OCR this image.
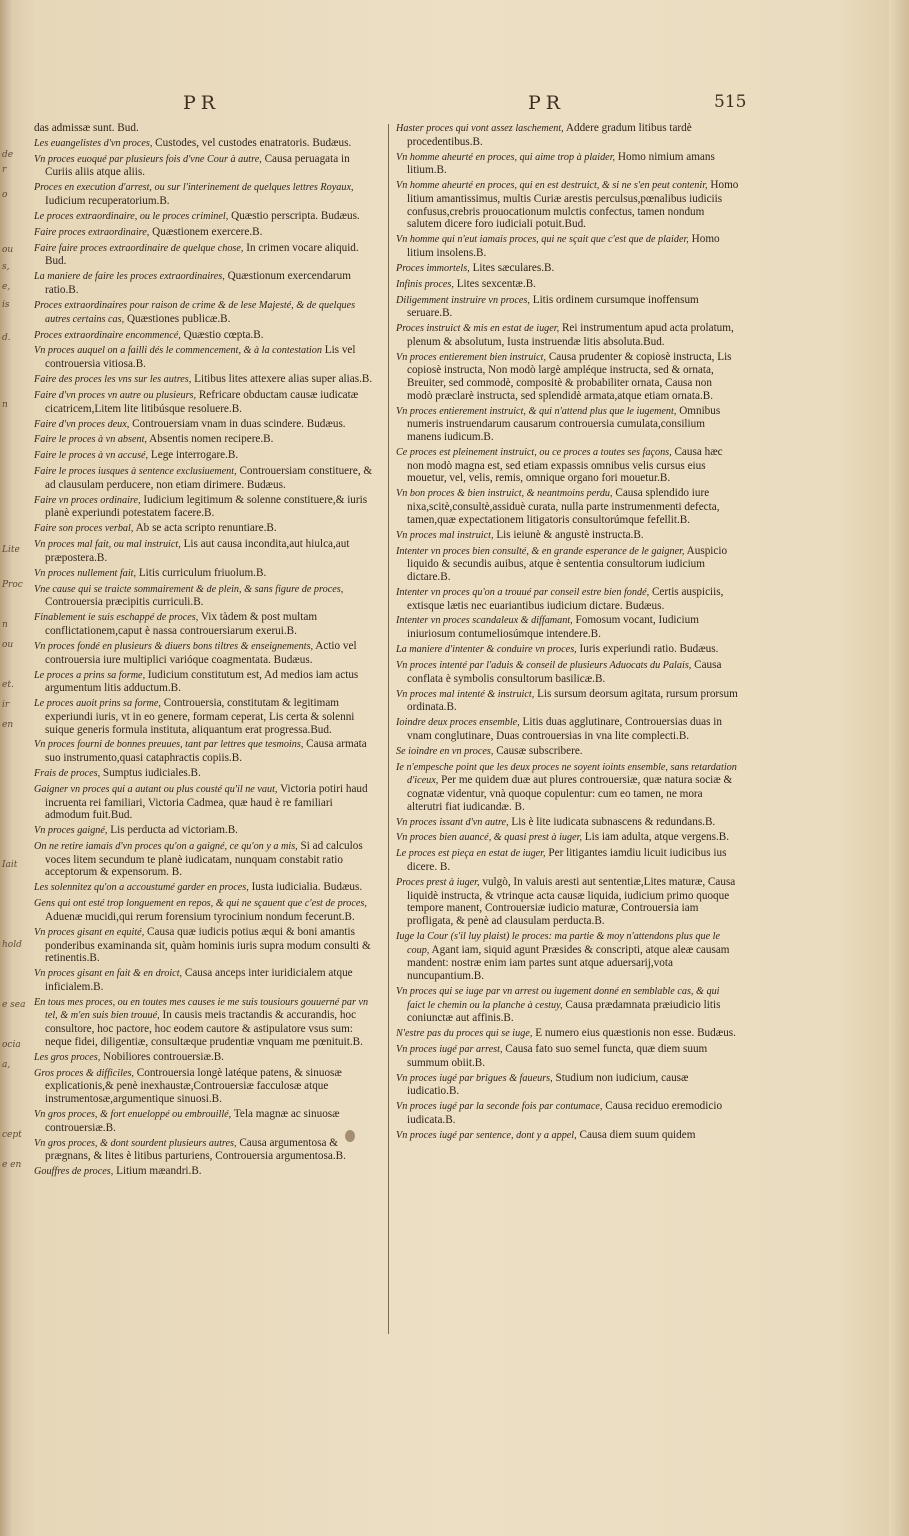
de
r
o
ou
s,
e,
is
d.
n
Lite
Proc
n
ou
et.
ir
en
Iait
hold
e sea
ocia
a,
cept
e en
PR	PR	515

das admissæ sunt. Bud.

Les euangelistes d'vn proces, Custodes, vel custodes enatratoris. Budæus.

Vn proces euoqué par plusieurs fois d'vne Cour à autre, Causa peruagata in Curiis aliis atque aliis.

Proces en execution d'arrest, ou sur l'interinement de quelques lettres Royaux, Iudicium recuperatorium.B.

Le proces extraordinaire, ou le proces criminel, Quæstio perscripta. Budæus.

Faire proces extraordinaire, Quæstionem exercere.B.

Faire faire proces extraordinaire de quelque chose, In crimen vocare aliquid. Bud.

La maniere de faire les proces extraordinaires, Quæstionum exercendarum ratio.B.

Proces extraordinaires pour raison de crime & de lese Majesté, & de quelques autres certains cas, Quæstiones publicæ.B.

Proces extraordinaire encommencé, Quæstio cœpta.B.

Vn proces auquel on a failli dés le commencement, & à la contestation Lis vel controuersia vitiosa.B.

Faire des proces les vns sur les autres, Litibus lites attexere alias super alias.B.

Faire d'vn proces vn autre ou plusieurs, Refricare obductam causæ iudicatæ cicatricem,Litem lite litibúsque resoluere.B.

Faire d'vn proces deux, Controuersiam vnam in duas scindere. Budæus.

Faire le proces à vn absent, Absentis nomen recipere.B.

Faire le proces à vn accusé, Lege interrogare.B.

Faire le proces iusques à sentence exclusiuement, Controuersiam constituere, & ad clausulam perducere, non etiam dirimere. Budæus.

Faire vn proces ordinaire, Iudicium legitimum & solenne constituere,& iuris planè experiundi potestatem facere.B.

Faire son proces verbal, Ab se acta scripto renuntiare.B.

Vn proces mal fait, ou mal instruict, Lis aut causa incondita,aut hiulca,aut præpostera.B.

Vn proces nullement fait, Litis curriculum friuolum.B.

Vne cause qui se traicte sommairement & de plein, & sans figure de proces, Controuersia præcipitis curriculi.B.

Finablement ie suis eschappé de proces, Vix tàdem & post multam conflictationem,caput è nassa controuersiarum exerui.B.

Vn proces fondé en plusieurs & diuers bons tiltres & enseignements, Actio vel controuersia iure multiplici varióque coagmentata. Budæus.

Le proces a prins sa forme, Iudicium constitutum est, Ad medios iam actus argumentum litis adductum.B.

Le proces auoit prins sa forme, Controuersia, constitutam & legitimam experiundi iuris, vt in eo genere, formam ceperat, Lis certa & solenni suique generis formula instituta, aliquantum erat progressa.Bud.

Vn proces fourni de bonnes preuues, tant par lettres que tesmoins, Causa armata suo instrumento,quasi cataphractis copiis.B.

Frais de proces, Sumptus iudiciales.B.

Gaigner vn proces qui a autant ou plus cousté qu'il ne vaut, Victoria potiri haud incruenta rei familiari, Victoria Cadmea, quæ haud è re familiari admodum fuit.Bud.

Vn proces gaigné, Lis perducta ad victoriam.B.

On ne retire iamais d'vn proces qu'on a gaigné, ce qu'on y a mis, Si ad calculos voces litem secundum te planè iudicatam, nunquam constabit ratio acceptorum & expensorum. B.

Les solennitez qu'on a accoustumé garder en proces, Iusta iudicialia. Budæus.

Gens qui ont esté trop longuement en repos, & qui ne sçauent que c'est de proces, Aduenæ mucidi,qui rerum forensium tyrocinium nondum fecerunt.B.

Vn proces gisant en equité, Causa quæ iudicis potius æqui & boni amantis ponderibus examinanda sit, quàm hominis iuris supra modum consulti & retinentis.B.

Vn proces gisant en fait & en droict, Causa anceps inter iuridicialem atque inficialem.B.

En tous mes proces, ou en toutes mes causes ie me suis tousiours gouuerné par vn tel, & m'en suis bien trouué, In causis meis tractandis & accurandis, hoc consultore, hoc pactore, hoc eodem cautore & astipulatore vsus sum: neque fidei, diligentiæ, consultæque prudentiæ vnquam me pœnituit.B.

Les gros proces, Nobiliores controuersiæ.B.

Gros proces & difficiles, Controuersia longè latéque patens, & sinuosæ explicationis,& penè inexhaustæ,Controuersiæ facculosæ atque instrumentosæ,argumentique sinuosi.B.

Vn gros proces, & fort enueloppé ou embrouillé, Tela magnæ ac sinuosæ controuersiæ.B.

Vn gros proces, & dont sourdent plusieurs autres, Causa argumentosa & prægnans, & lites è litibus parturiens, Controuersia argumentosa.B.

Gouffres de proces, Litium mæandri.B.

Haster proces qui vont assez laschement, Addere gradum litibus tardè procedentibus.B.

Vn homme aheurté en proces, qui aime trop à plaider, Homo nimium amans litium.B.

Vn homme aheurté en proces, qui en est destruict, & si ne s'en peut contenir, Homo litium amantissimus, multis Curiæ arestis perculsus,pœnalibus iudiciis confusus,crebris prouocationum mulctis confectus, tamen nondum salutem dicere foro iudiciali potuit.Bud.

Vn homme qui n'eut iamais proces, qui ne sçait que c'est que de plaider, Homo litium insolens.B.

Proces immortels, Lites sæculares.B.

Infinis proces, Lites sexcentæ.B.

Diligemment instruire vn proces, Litis ordinem cursumque inoffensum seruare.B.

Proces instruict & mis en estat de iuger, Rei instrumentum apud acta prolatum, plenum & absolutum, Iusta instruendæ litis absoluta.Bud.

Vn proces entierement bien instruict, Causa prudenter & copiosè instructa, Lis copiosè instructa, Non modò largè ampléque instructa, sed & ornata, Breuiter, sed commodè, compositè & probabiliter ornata, Causa non modò præclarè instructa, sed splendidè armata,atque etiam ornata.B.

Vn proces entierement instruict, & qui n'attend plus que le iugement, Omnibus numeris instruendarum causarum controuersia cumulata,consilium manens iudicum.B.

Ce proces est pleinement instruict, ou ce proces a toutes ses façons, Causa hæc non modò magna est, sed etiam expassis omnibus velis cursus eius mouetur, vel, velis, remis, omnique organo fori mouetur.B.

Vn bon proces & bien instruict, & neantmoins perdu, Causa splendido iure nixa,scitè,consultè,assiduè curata, nulla parte instrumenmenti defecta, tamen,quæ expectationem litigatoris consultorúmque fefellit.B.

Vn proces mal instruict, Lis ieiunè & angustè instructa.B.

Intenter vn proces bien consulté, & en grande esperance de le gaigner, Auspicio liquido & secundis auibus, atque è sententia consultorum iudicium dictare.B.

Intenter vn proces qu'on a trouué par conseil estre bien fondé, Certis auspiciis, extisque lætis nec euariantibus iudicium dictare. Budæus.

Intenter vn proces scandaleux & diffamant, Fomosum vocant, Iudicium iniuriosum contumeliosúmque intendere.B.

La maniere d'intenter & conduire vn proces, Iuris experiundi ratio. Budæus.

Vn proces intenté par l'aduis & conseil de plusieurs Aduocats du Palais, Causa conflata è symbolis consultorum basilicæ.B.

Vn proces mal intenté & instruict, Lis sursum deorsum agitata, rursum prorsum ordinata.B.

Ioindre deux proces ensemble, Litis duas agglutinare, Controuersias duas in vnam conglutinare, Duas controuersias in vna lite complecti.B.

Se ioindre en vn proces, Causæ subscribere.

Ie n'empesche point que les deux proces ne soyent ioints ensemble, sans retardation d'iceux, Per me quidem duæ aut plures controuersiæ, quæ natura sociæ & cognatæ videntur, vnà quoque copulentur: cum eo tamen, ne mora alterutri fiat iudicandæ. B.

Vn proces issant d'vn autre, Lis è lite iudicata subnascens & redundans.B.

Vn proces bien auancé, & quasi prest à iuger, Lis iam adulta, atque vergens.B.

Le proces est pieça en estat de iuger, Per litigantes iamdiu licuit iudicibus ius dicere. B.

Proces prest à iuger, vulgò, In valuis aresti aut sententiæ,Lites maturæ, Causa liquidè instructa, & vtrinque acta causæ liquida, iudicium primo quoque tempore manent, Controuersiæ iudicio maturæ, Controuersia iam profligata, & penè ad clausulam perducta.B.

Iuge la Cour (s'il luy plaist) le proces: ma partie & moy n'attendons plus que le coup, Agant iam, siquid agunt Præsides & conscripti, atque aleæ causam mandent: nostræ enim iam partes sunt atque aduersarij,vota nuncupantium.B.

Vn proces qui se iuge par vn arrest ou iugement donné en semblable cas, & qui faict le chemin ou la planche à cestuy, Causa prædamnata præiudicio litis coniunctæ aut affinis.B.

N'estre pas du proces qui se iuge, E numero eius quæstionis non esse. Budæus.

Vn proces iugé par arrest, Causa fato suo semel functa, quæ diem suum summum obiit.B.

Vn proces iugé par brigues & faueurs, Studium non iudicium, causæ iudicatio.B.

Vn proces iugé par la seconde fois par contumace, Causa reciduo eremodicio iudicata.B.

Vn proces iugé par sentence, dont y a appel, Causa diem suum quidem
